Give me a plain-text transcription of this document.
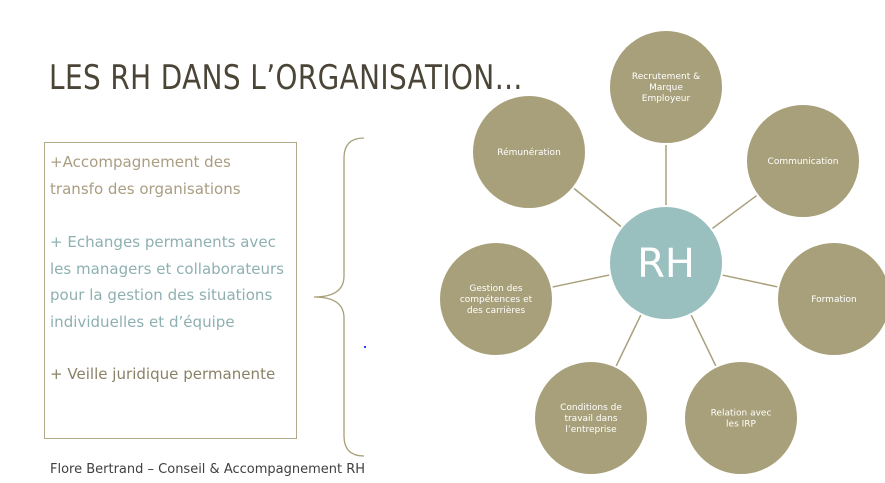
LES RH DANS L’ORGANISATION…

+Accompagnement des transfo des organisations

+ Echanges permanents avec les managers et collaborateurs pour la gestion des situations individuelles et d’équipe

+ Veille juridique permanente

Recrutement & Marque Employeur
Communication
Formation
Relation avec les IRP
Conditions de travail dans l’entreprise
Gestion des compétences et des carrières
Rémunération
RH

Flore Bertrand – Conseil & Accompagnement RH
